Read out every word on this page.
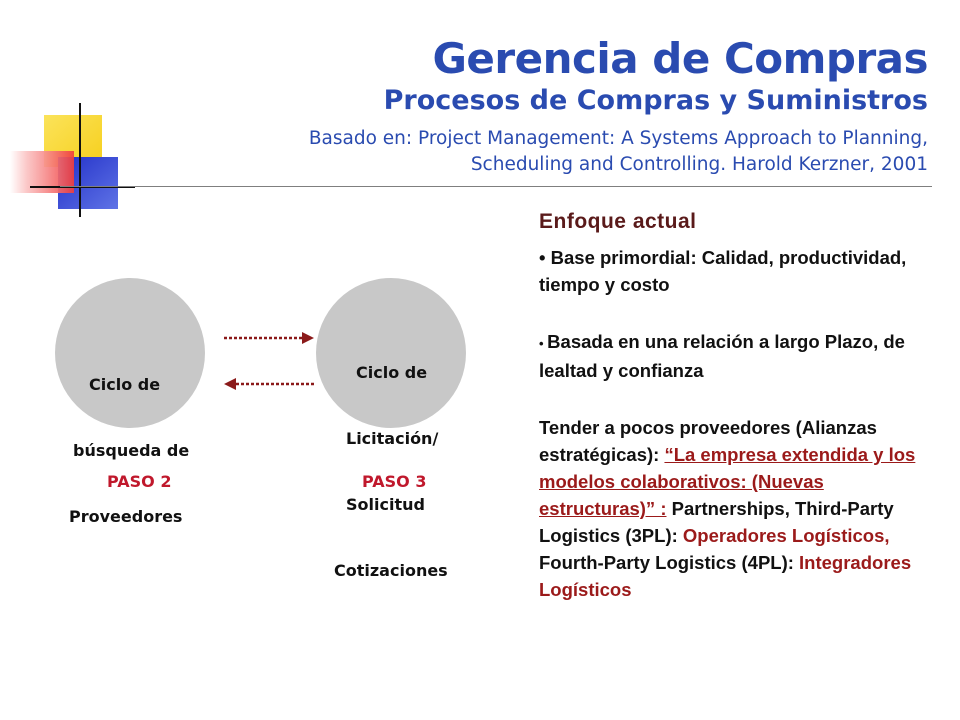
Gerencia de Compras
Procesos de Compras y Suministros
Basado en: Project Management: A Systems Approach to Planning,
Scheduling and Controlling. Harold Kerzner, 2001

Ciclo de

búsqueda de

Proveedores

Ciclo de

Licitación/

Solicitud

Cotizaciones

PASO 2	PASO 3
Enfoque actual

• Base primordial: Calidad, productividad, tiempo y costo

• Basada en una relación a largo Plazo, de lealtad y confianza

Tender a pocos proveedores (Alianzas estratégicas): “La empresa extendida y los modelos colaborativos: (Nuevas estructuras)” : Partnerships, Third-Party Logistics (3PL): Operadores Logísticos, Fourth-Party Logistics (4PL): Integradores Logísticos
